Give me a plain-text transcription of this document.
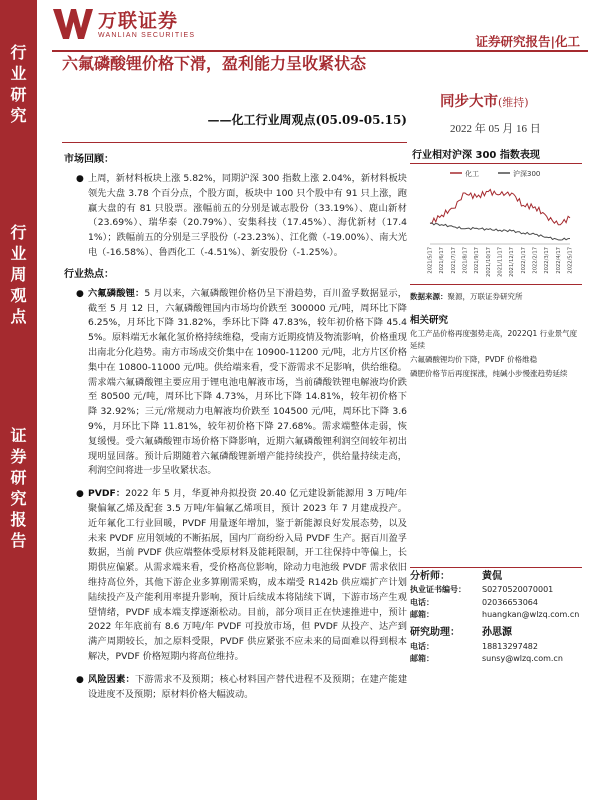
行业研究
行业周观点
证券研究报告
万联证券
WANLIAN SECURITIES	证券研究报告|化工
六氟磷酸锂价格下滑，盈利能力呈收紧状态
——化工行业周观点(05.09-05.15)
同步大市(维持)
2022 年 05 月 16 日
市场回顾：
● 上周，新材料板块上涨 5.82%，同期沪深 300 指数上涨 2.04%，新材料板块领先大盘 3.78 个百分点，个股方面，板块中 100 只个股中有 91 只上涨，跑赢大盘的有 81 只股票。涨幅前五的分别是诚志股份（33.19%）、鹿山新材（23.69%）、瑞华泰（20.79%）、安集科技（17.45%）、海优新材（17.41%）；跌幅前五的分别是三孚股份（-23.23%）、江化微（-19.00%）、南大光电（-16.58%）、鲁西化工（-4.51%）、新安股份（-1.25%）。
行业热点：
● 六氟磷酸锂：5 月以来，六氟磷酸锂价格仍呈下滑趋势，百川盈孚数据显示，截至 5 月 12 日，六氟磷酸锂国内市场均价跌至 300000 元/吨，周环比下降 6.25%，月环比下降 31.82%，季环比下降 47.83%，较年初价格下降 45.45%。原料端无水氟化氢价格持续维稳，受南方近期疫情及物流影响，价格重现出南北分化趋势。南方市场成交价集中在 10900-11200 元/吨，北方片区价格集中在 10800-11000 元/吨。供给端来看，受下游需求不足影响，供给维稳。需求端六氟磷酸锂主要应用于锂电池电解液市场，当前磷酸铁锂电解液均价跌至 80500 元/吨，周环比下降 4.73%，月环比下降 14.81%，较年初价格下降 32.92%；三元/常规动力电解液均价跌至 104500 元/吨，周环比下降 3.69%，月环比下降 11.81%，较年初价格下降 27.68%。需求端整体走弱，恢复缓慢。受六氟磷酸锂市场价格下降影响，近期六氟磷酸锂利润空间较年初出现明显回落。预计后期随着六氟磷酸锂新增产能持续投产，供给量持续走高，利润空间将进一步呈收紧状态。
● PVDF：2022 年 5 月，华夏神舟拟投资 20.40 亿元建设新能源用 3 万吨/年聚偏氟乙烯及配套 3.5 万吨/年偏氟乙烯项目，预计 2023 年 7 月建成投产。近年氟化工行业回暖，PVDF 用量逐年增加，鉴于新能源良好发展态势，以及未来 PVDF 应用领域的不断拓展，国内厂商纷纷入局 PVDF 生产。据百川盈孚数据，当前 PVDF 供应端整体受原材料及能耗限制，开工往保持中等偏上，长期供应偏紧。从需求端来看，受价格高位影响，除动力电池级 PVDF 需求依旧维持高位外，其他下游企业多算刚需采购，成本端受 R142b 供应端扩产计划陆续投产及产能利用率提升影响，预计后续成本将陆续下调，下游市场产生观望情绪，PVDF 成本端支撑逐渐松动。目前，部分项目正在快速推进中，预计 2022 年年底前有 8.6 万吨/年 PVDF 可投放市场，但 PVDF 从投产、达产到满产周期较长，加之原料受限，PVDF 供应紧张不应未来的局面难以得到根本解决，PVDF 价格短期内将高位维持。
● 风险因素：下游需求不及预期；核心材料国产替代进程不及预期；在建产能建设进度不及预期；原材料价格大幅波动。
行业相对沪深 300 指数表现
化工	沪深300
2021/5/17 2021/6/17 2021/7/17 2021/8/17 2021/9/17 2021/10/17 2021/11/17 2021/12/17 2022/1/17 2022/2/17 2022/3/17 2022/4/17 2022/5/17
数据来源：聚源，万联证券研究所
相关研究
化工产品价格再度强势走高，2022Q1 行业景气度延续
六氟磷酸锂均价下降，PVDF 价格维稳
磷肥价格节后再度探涨，纯碱小步慢涨趋势延续
分析师：	黄侃
执业证书编号：	S0270520070001
电话：	02036653064
邮箱：	huangkan@wlzq.com.cn
研究助理：	孙思源
电话：	18813297482
邮箱：	sunsy@wlzq.com.cn
